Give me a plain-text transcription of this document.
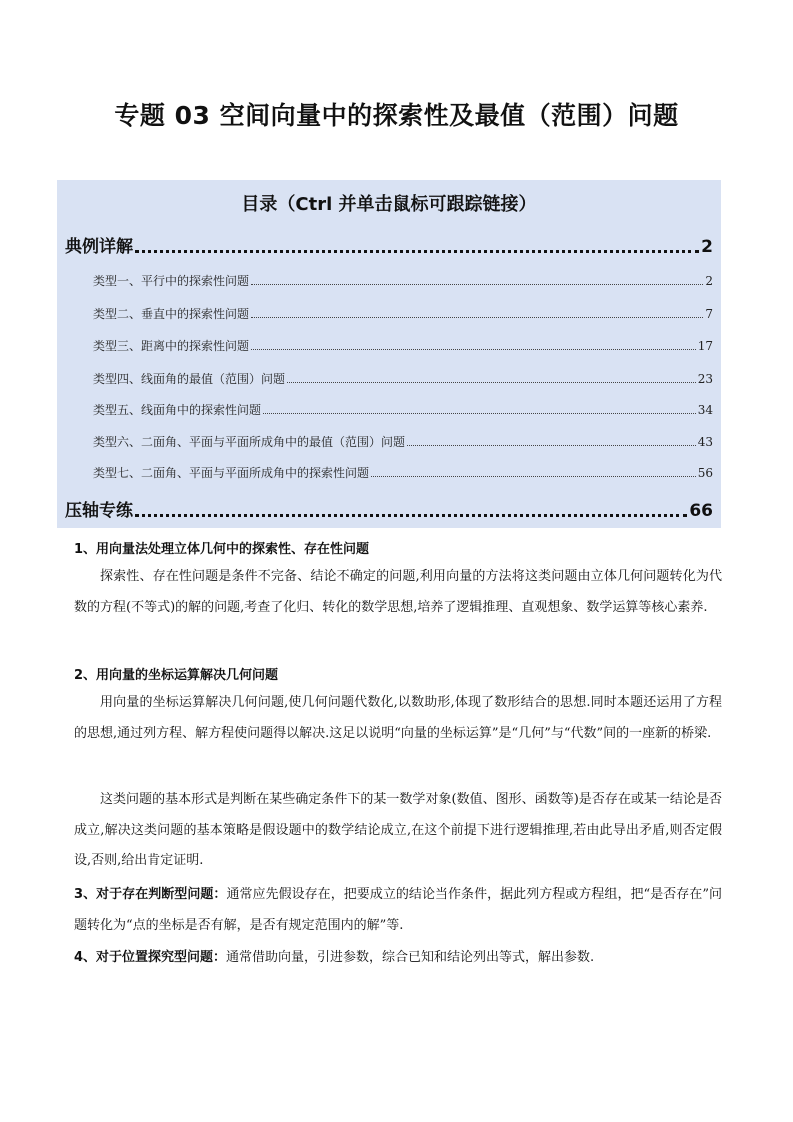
专题 03 空间向量中的探索性及最值（范围）问题
目录（Ctrl 并单击鼠标可跟踪链接）
典例详解	2
类型一、平行中的探索性问题	2
类型二、垂直中的探索性问题	7
类型三、距离中的探索性问题	17
类型四、线面角的最值（范围）问题	23
类型五、线面角中的探索性问题	34
类型六、二面角、平面与平面所成角中的最值（范围）问题	43
类型七、二面角、平面与平面所成角中的探索性问题	56
压轴专练	66
1、用向量法处理立体几何中的探索性、存在性问题

探索性、存在性问题是条件不完备、结论不确定的问题,利用向量的方法将这类问题由立体几何问题转化为代数的方程(不等式)的解的问题,考查了化归、转化的数学思想,培养了逻辑推理、直观想象、数学运算等核心素养.

2、用向量的坐标运算解决几何问题

用向量的坐标运算解决几何问题,使几何问题代数化,以数助形,体现了数形结合的思想.同时本题还运用了方程的思想,通过列方程、解方程使问题得以解决.这足以说明“向量的坐标运算”是“几何”与“代数”间的一座新的桥梁.

这类问题的基本形式是判断在某些确定条件下的某一数学对象(数值、图形、函数等)是否存在或某一结论是否成立,解决这类问题的基本策略是假设题中的数学结论成立,在这个前提下进行逻辑推理,若由此导出矛盾,则否定假设,否则,给出肯定证明.

3、对于存在判断型问题：通常应先假设存在，把要成立的结论当作条件，据此列方程或方程组，把“是否存在”问题转化为“点的坐标是否有解，是否有规定范围内的解”等.

4、对于位置探究型问题：通常借助向量，引进参数，综合已知和结论列出等式，解出参数.
